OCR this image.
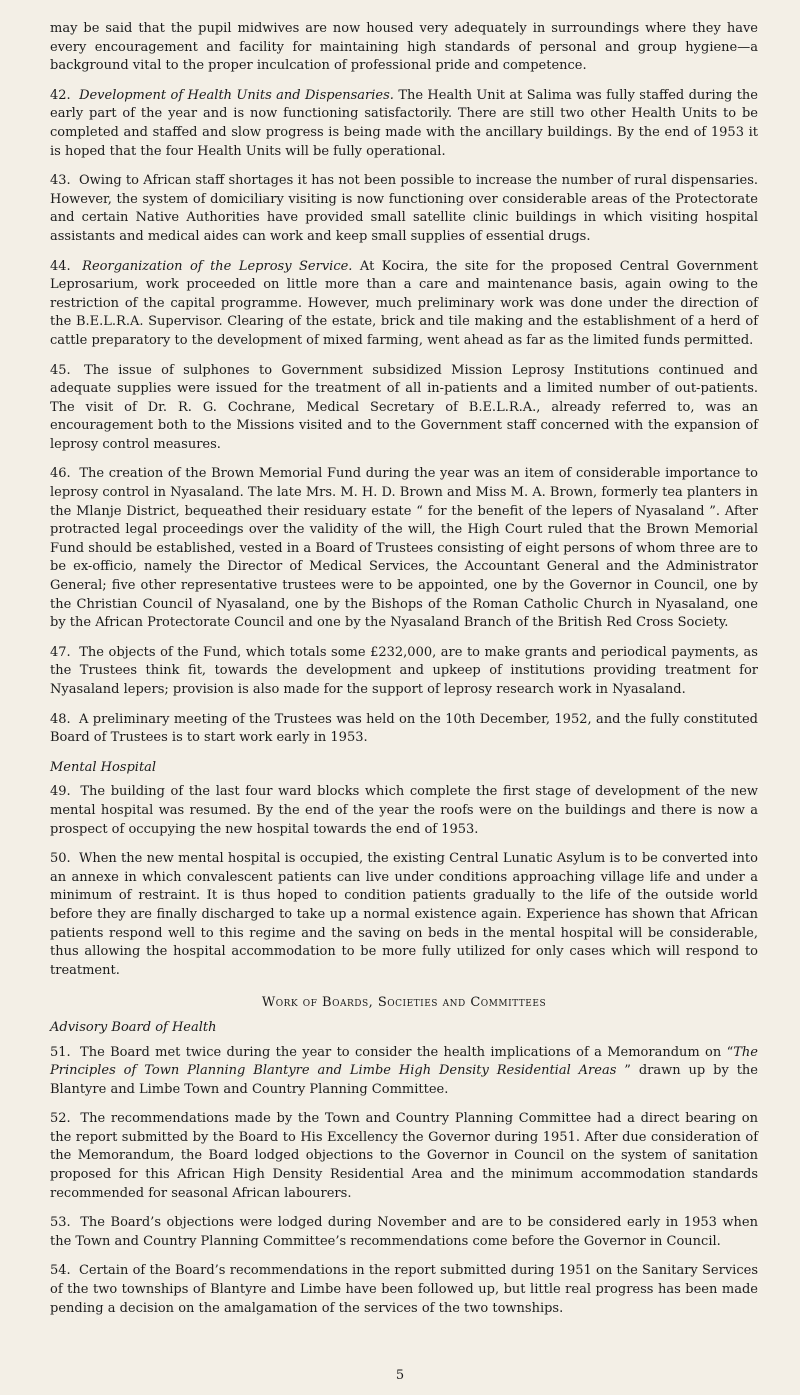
may be said that the pupil midwives are now housed very adequately in surroundings where they have every encouragement and facility for maintaining high standards of personal and group hygiene—a background vital to the proper inculcation of professional pride and competence.

42. Development of Health Units and Dispensaries. The Health Unit at Salima was fully staffed during the early part of the year and is now functioning satisfactorily. There are still two other Health Units to be completed and staffed and slow progress is being made with the ancillary buildings. By the end of 1953 it is hoped that the four Health Units will be fully operational.

43. Owing to African staff shortages it has not been possible to increase the number of rural dispensaries. However, the system of domiciliary visiting is now functioning over considerable areas of the Protectorate and certain Native Authorities have provided small satellite clinic buildings in which visiting hospital assistants and medical aides can work and keep small supplies of essential drugs.

44. Reorganization of the Leprosy Service. At Kocira, the site for the proposed Central Government Leprosarium, work proceeded on little more than a care and maintenance basis, again owing to the restriction of the capital programme. However, much preliminary work was done under the direction of the B.E.L.R.A. Supervisor. Clearing of the estate, brick and tile making and the establishment of a herd of cattle preparatory to the development of mixed farming, went ahead as far as the limited funds permitted.

45. The issue of sulphones to Government subsidized Mission Leprosy Institutions continued and adequate supplies were issued for the treatment of all in-patients and a limited number of out-patients. The visit of Dr. R. G. Cochrane, Medical Secretary of B.E.L.R.A., already referred to, was an encouragement both to the Missions visited and to the Government staff concerned with the expansion of leprosy control measures.

46. The creation of the Brown Memorial Fund during the year was an item of considerable importance to leprosy control in Nyasaland. The late Mrs. M. H. D. Brown and Miss M. A. Brown, formerly tea planters in the Mlanje District, bequeathed their residuary estate “ for the benefit of the lepers of Nyasaland ”. After protracted legal proceedings over the validity of the will, the High Court ruled that the Brown Memorial Fund should be established, vested in a Board of Trustees consisting of eight persons of whom three are to be ex-officio, namely the Director of Medical Services, the Accountant General and the Administrator General; five other representative trustees were to be appointed, one by the Governor in Council, one by the Christian Council of Nyasaland, one by the Bishops of the Roman Catholic Church in Nyasaland, one by the African Protectorate Council and one by the Nyasaland Branch of the British Red Cross Society.

47. The objects of the Fund, which totals some £232,000, are to make grants and periodical payments, as the Trustees think fit, towards the development and upkeep of institutions providing treatment for Nyasaland lepers; provision is also made for the support of leprosy research work in Nyasaland.

48. A preliminary meeting of the Trustees was held on the 10th December, 1952, and the fully constituted Board of Trustees is to start work early in 1953.

Mental Hospital

49. The building of the last four ward blocks which complete the first stage of development of the new mental hospital was resumed. By the end of the year the roofs were on the buildings and there is now a prospect of occupying the new hospital towards the end of 1953.

50. When the new mental hospital is occupied, the existing Central Lunatic Asylum is to be converted into an annexe in which convalescent patients can live under conditions approaching village life and under a minimum of restraint. It is thus hoped to condition patients gradually to the life of the outside world before they are finally discharged to take up a normal existence again. Experience has shown that African patients respond well to this regime and the saving on beds in the mental hospital will be considerable, thus allowing the hospital accommodation to be more fully utilized for only cases which will respond to treatment.

Work of Boards, Societies and Committees
Advisory Board of Health

51. The Board met twice during the year to consider the health implications of a Memorandum on “The Principles of Town Planning Blantyre and Limbe High Density Residential Areas ” drawn up by the Blantyre and Limbe Town and Country Planning Committee.

52. The recommendations made by the Town and Country Planning Committee had a direct bearing on the report submitted by the Board to His Excellency the Governor during 1951. After due consideration of the Memorandum, the Board lodged objections to the Governor in Council on the system of sanitation proposed for this African High Density Residential Area and the minimum accommodation standards recommended for seasonal African labourers.

53. The Board’s objections were lodged during November and are to be considered early in 1953 when the Town and Country Planning Committee’s recommendations come before the Governor in Council.

54. Certain of the Board’s recommendations in the report submitted during 1951 on the Sanitary Services of the two townships of Blantyre and Limbe have been followed up, but little real progress has been made pending a decision on the amalgamation of the services of the two townships.

5
